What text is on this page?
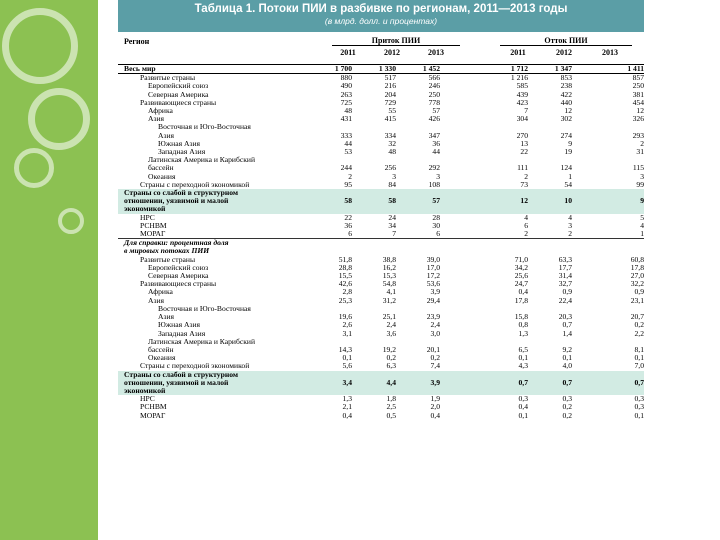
Таблица 1. Потоки ПИИ в разбивке по регионам, 2011—2013 годы
(в млрд. долл. и процентах)
Регион	Приток ПИИ	Отток ПИИ
2011	2012	2013	2011	2012	2013
Весь мир	1 700	1 330	1 452		1 712	1 347	1 411
Развитые страны	880	517	566		1 216	853	857
Европейский союз	490	216	246		585	238	250
Северная Америка	263	204	250		439	422	381
Развивающиеся страны	725	729	778		423	440	454
Африка	48	55	57		7	12	12
Азия	431	415	426		304	302	326
Восточная и Юго-Восточная							
Азия	333	334	347		270	274	293
Южная Азия	44	32	36		13	9	2
Западная Азия	53	48	44		22	19	31
Латинская Америка и Карибский							
бассейн	244	256	292		111	124	115
Океания	2	3	3		2	1	3
Страны с переходной экономикой	95	84	108		73	54	99
Страны со слабой в структурном							
отношении, уязвимой и малой	58	58	57		12	10	9
экономикой							
НРС	22	24	28		4	4	5
РСНВМ	36	34	30		6	3	4
МОРАГ	6	7	6		2	2	1
Для справки: процентная доля							
в мировых потоках ПИИ							
Развитые страны	51,8	38,8	39,0		71,0	63,3	60,8
Европейский союз	28,8	16,2	17,0		34,2	17,7	17,8
Северная Америка	15,5	15,3	17,2		25,6	31,4	27,0
Развивающиеся страны	42,6	54,8	53,6		24,7	32,7	32,2
Африка	2,8	4,1	3,9		0,4	0,9	0,9
Азия	25,3	31,2	29,4		17,8	22,4	23,1
Восточная и Юго-Восточная							
Азия	19,6	25,1	23,9		15,8	20,3	20,7
Южная Азия	2,6	2,4	2,4		0,8	0,7	0,2
Западная Азия	3,1	3,6	3,0		1,3	1,4	2,2
Латинская Америка и Карибский							
бассейн	14,3	19,2	20,1		6,5	9,2	8,1
Океания	0,1	0,2	0,2		0,1	0,1	0,1
Страны с переходной экономикой	5,6	6,3	7,4		4,3	4,0	7,0
Страны со слабой в структурном							
отношении, уязвимой и малой	3,4	4,4	3,9		0,7	0,7	0,7
экономикой							
НРС	1,3	1,8	1,9		0,3	0,3	0,3
РСНВМ	2,1	2,5	2,0		0,4	0,2	0,3
МОРАГ	0,4	0,5	0,4		0,1	0,2	0,1
